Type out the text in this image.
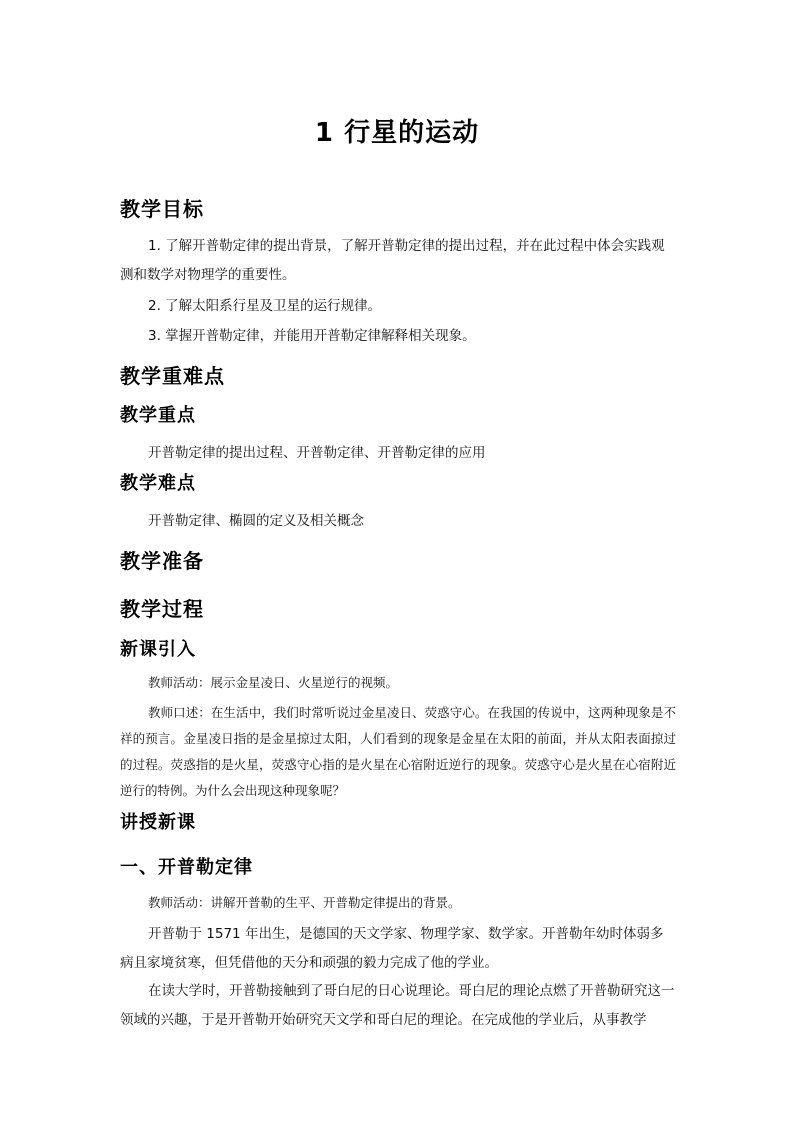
1 行星的运动
教学目标
1. 了解开普勒定律的提出背景，了解开普勒定律的提出过程，并在此过程中体会实践观测和数学对物理学的重要性。
2. 了解太阳系行星及卫星的运行规律。
3. 掌握开普勒定律，并能用开普勒定律解释相关现象。
教学重难点
教学重点
开普勒定律的提出过程、开普勒定律、开普勒定律的应用
教学难点
开普勒定律、椭圆的定义及相关概念
教学准备
教学过程
新课引入
教师活动：展示金星凌日、火星逆行的视频。
教师口述：在生活中，我们时常听说过金星凌日、荧惑守心。在我国的传说中，这两种现象是不祥的预言。金星凌日指的是金星掠过太阳，人们看到的现象是金星在太阳的前面，并从太阳表面掠过的过程。荧惑指的是火星，荧惑守心指的是火星在心宿附近逆行的现象。荧惑守心是火星在心宿附近逆行的特例。为什么会出现这种现象呢？
讲授新课
一、开普勒定律
教师活动：讲解开普勒的生平、开普勒定律提出的背景。
开普勒于 1571 年出生，是德国的天文学家、物理学家、数学家。开普勒年幼时体弱多病且家境贫寒，但凭借他的天分和顽强的毅力完成了他的学业。
在读大学时，开普勒接触到了哥白尼的日心说理论。哥白尼的理论点燃了开普勒研究这一领域的兴趣，于是开普勒开始研究天文学和哥白尼的理论。在完成他的学业后，从事教学
